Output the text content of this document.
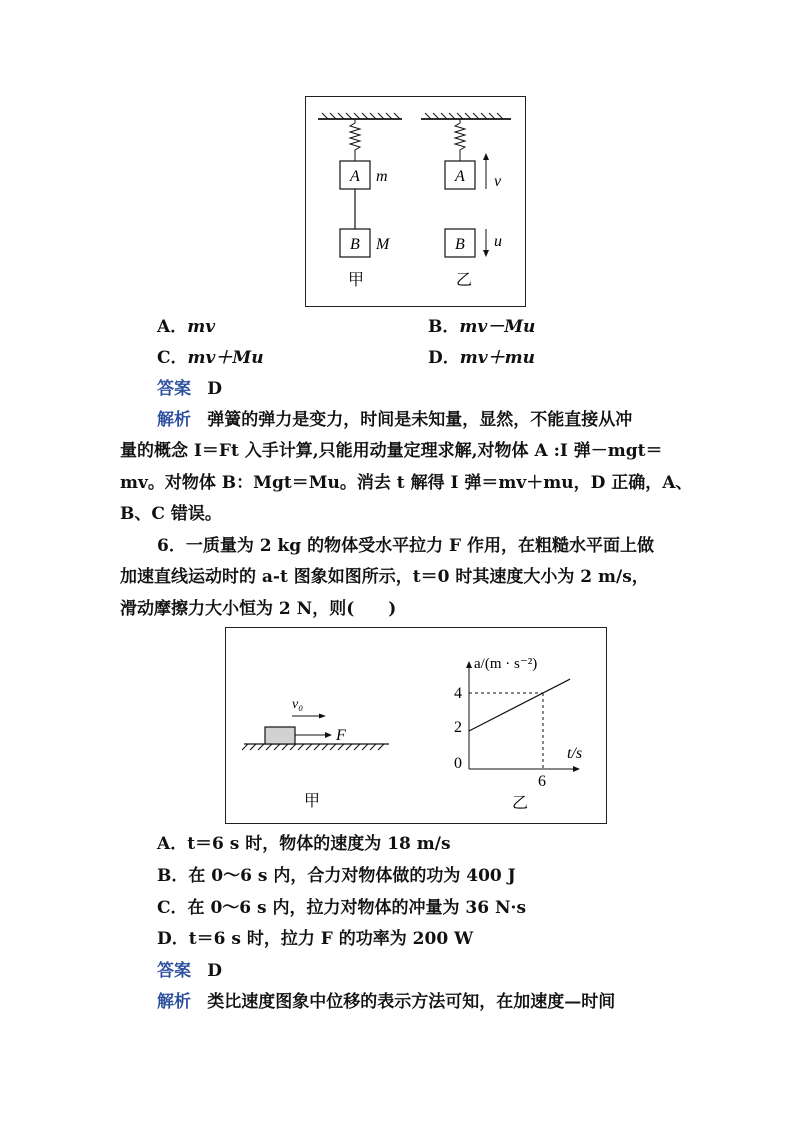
A m
B M
A v
B u
甲	乙
A．mv	B．mv－Mu
C．mv＋Mu	D．mv＋mu
答案 D
解析 弹簧的弹力是变力，时间是未知量，显然，不能直接从冲
量的概念 I＝Ft 入手计算,只能用动量定理求解,对物体 A :I 弹－mgt＝
mv。对物体 B：Mgt＝Mu。消去 t 解得 I 弹＝mv＋mu，D 正确，A、
B、C 错误。
6．一质量为 2 kg 的物体受水平拉力 F 作用，在粗糙水平面上做
加速直线运动时的 a-t 图象如图所示，t＝0 时其速度大小为 2 m/s，
滑动摩擦力大小恒为 2 N，则(　　)
v₀
F
甲
4
2
0
6
a/(m · s⁻²)
t/s
乙
A．t＝6 s 时，物体的速度为 18 m/s
B．在 0～6 s 内，合力对物体做的功为 400 J
C．在 0～6 s 内，拉力对物体的冲量为 36 N·s
D．t＝6 s 时，拉力 F 的功率为 200 W
答案 D
解析 类比速度图象中位移的表示方法可知，在加速度—时间
